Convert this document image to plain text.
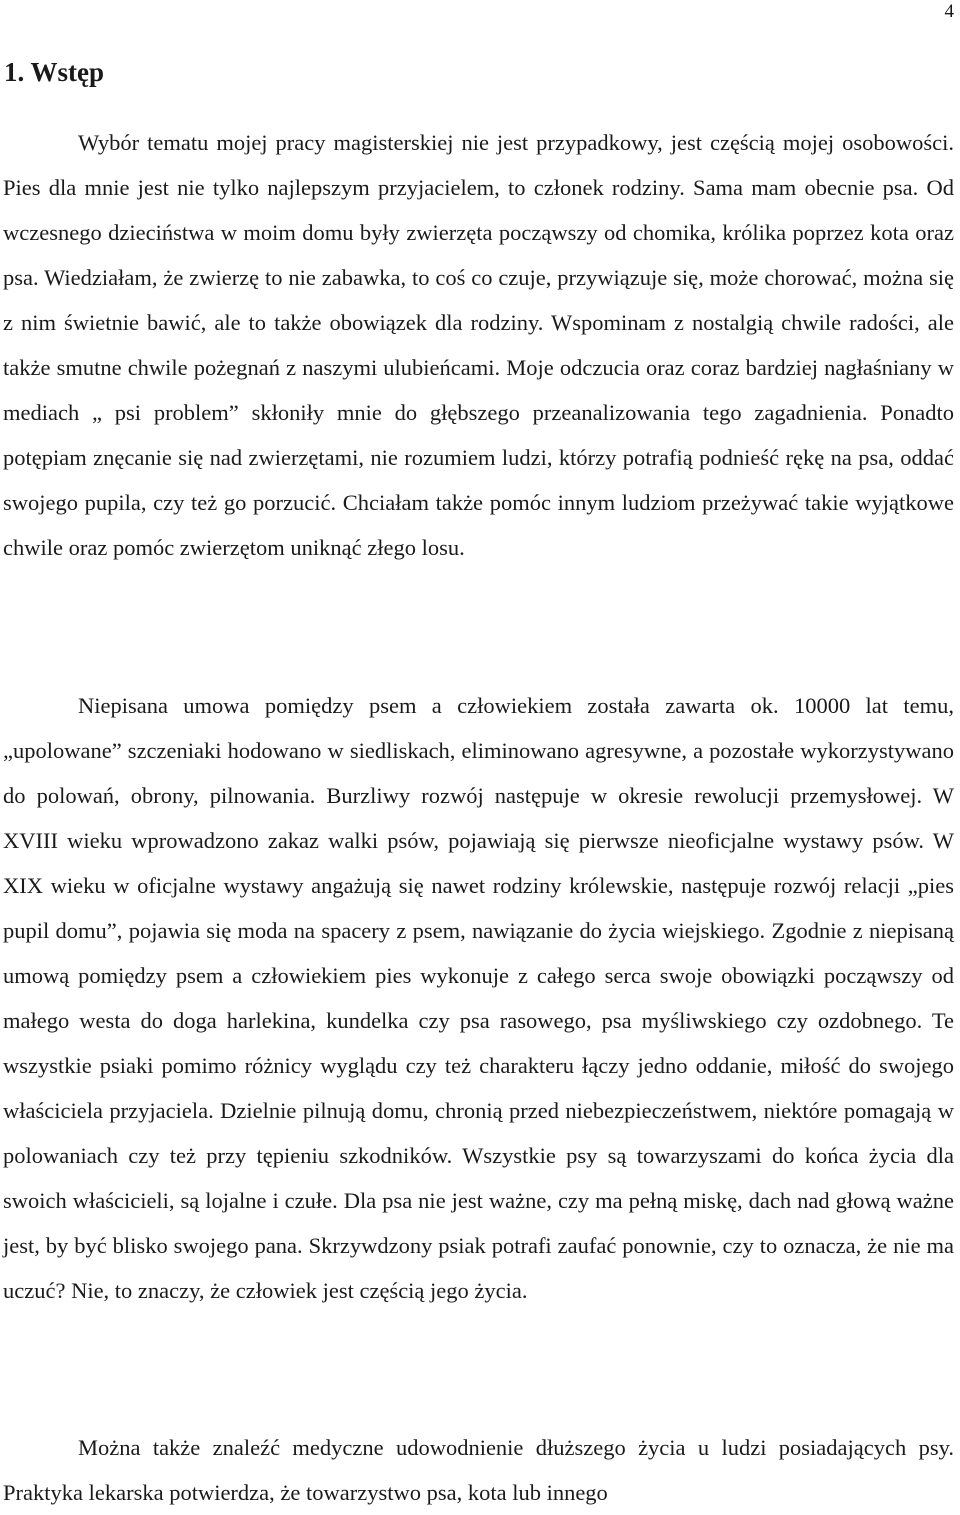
4
1. Wstęp

Wybór tematu mojej pracy magisterskiej nie jest przypadkowy, jest częścią mojej osobowości. Pies dla mnie jest nie tylko najlepszym przyjacielem, to członek rodziny. Sama mam obecnie psa. Od wczesnego dzieciństwa w moim domu były zwierzęta począwszy od chomika, królika poprzez kota oraz psa. Wiedziałam, że zwierzę to nie zabawka, to coś co czuje, przywiązuje się, może chorować, można się z nim świetnie bawić, ale to także obowiązek dla rodziny. Wspominam z nostalgią chwile radości, ale także smutne chwile pożegnań z naszymi ulubieńcami. Moje odczucia oraz coraz bardziej nagłaśniany w mediach „ psi problem” skłoniły mnie do głębszego przeanalizowania tego zagadnienia. Ponadto potępiam znęcanie się nad zwierzętami, nie rozumiem ludzi, którzy potrafią podnieść rękę na psa, oddać swojego pupila, czy też go porzucić. Chciałam także pomóc innym ludziom przeżywać takie wyjątkowe chwile oraz pomóc zwierzętom uniknąć złego losu.

Niepisana umowa pomiędzy psem a człowiekiem została zawarta ok. 10000 lat temu, „upolowane” szczeniaki hodowano w siedliskach, eliminowano agresywne, a pozostałe wykorzystywano do polowań, obrony, pilnowania. Burzliwy rozwój następuje w okresie rewolucji przemysłowej. W XVIII wieku wprowadzono zakaz walki psów, pojawiają się pierwsze nieoficjalne wystawy psów. W XIX wieku w oficjalne wystawy angażują się nawet rodziny królewskie, następuje rozwój relacji „pies pupil domu”, pojawia się moda na spacery z psem, nawiązanie do życia wiejskiego. Zgodnie z niepisaną umową pomiędzy psem a człowiekiem pies wykonuje z całego serca swoje obowiązki począwszy od małego westa do doga harlekina, kundelka czy psa rasowego, psa myśliwskiego czy ozdobnego. Te wszystkie psiaki pomimo różnicy wyglądu czy też charakteru łączy jedno oddanie, miłość do swojego właściciela przyjaciela. Dzielnie pilnują domu, chronią przed niebezpieczeństwem, niektóre pomagają w polowaniach czy też przy tępieniu szkodników. Wszystkie psy są towarzyszami do końca życia dla swoich właścicieli, są lojalne i czułe. Dla psa nie jest ważne, czy ma pełną miskę, dach nad głową ważne jest, by być blisko swojego pana. Skrzywdzony psiak potrafi zaufać ponownie, czy to oznacza, że nie ma uczuć? Nie, to znaczy, że człowiek jest częścią jego życia.

Można także znaleźć medyczne udowodnienie dłuższego życia u ludzi posiadających psy. Praktyka lekarska potwierdza, że towarzystwo psa, kota lub innego
